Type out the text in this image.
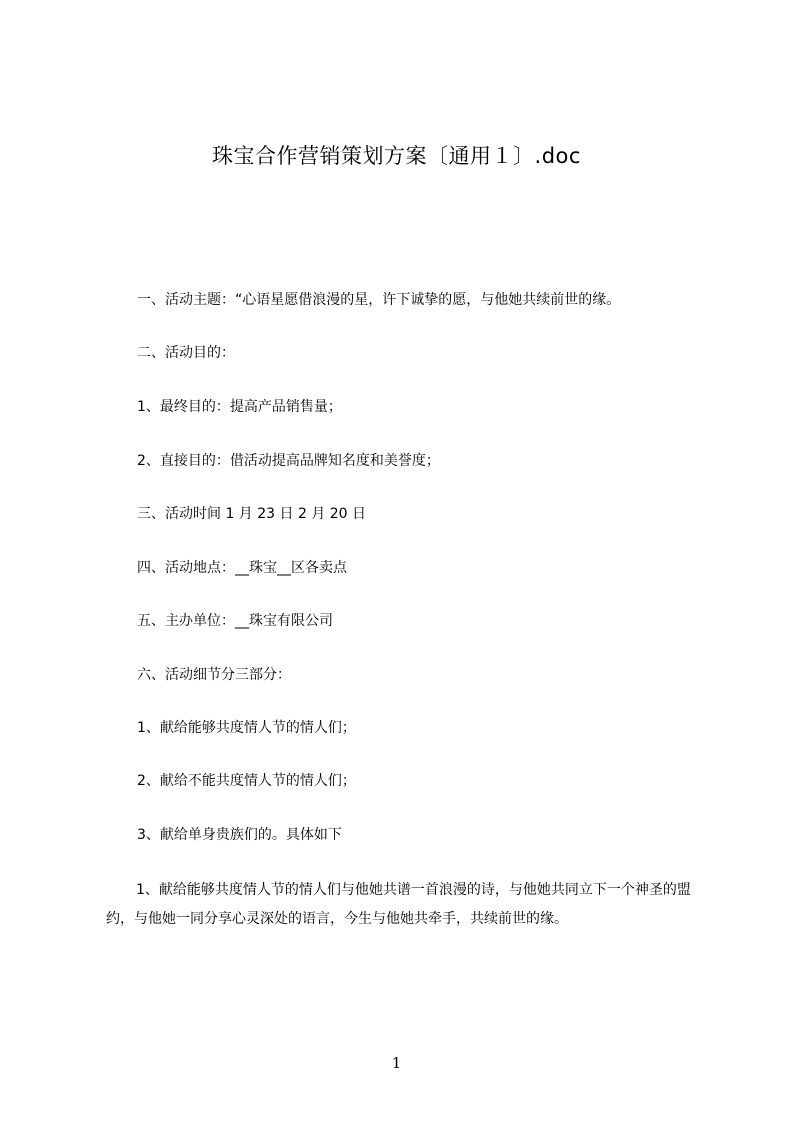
珠宝合作营销策划方案〔通用１〕.doc
一、活动主题：“心语星愿借浪漫的星，许下诚挚的愿，与他她共续前世的缘。
二、活动目的：
1、最终目的：提高产品销售量；
2、直接目的：借活动提高品牌知名度和美誉度；
三、活动时间 1 月 23 日 2 月 20 日
四、活动地点：__珠宝__区各卖点
五、主办单位：__珠宝有限公司
六、活动细节分三部分：
1、献给能够共度情人节的情人们；
2、献给不能共度情人节的情人们；
3、献给单身贵族们的。具体如下
1、献给能够共度情人节的情人们与他她共谱一首浪漫的诗，与他她共同立下一个神圣的盟约，与他她一同分享心灵深处的语言，今生与他她共牵手，共续前世的缘。
1
